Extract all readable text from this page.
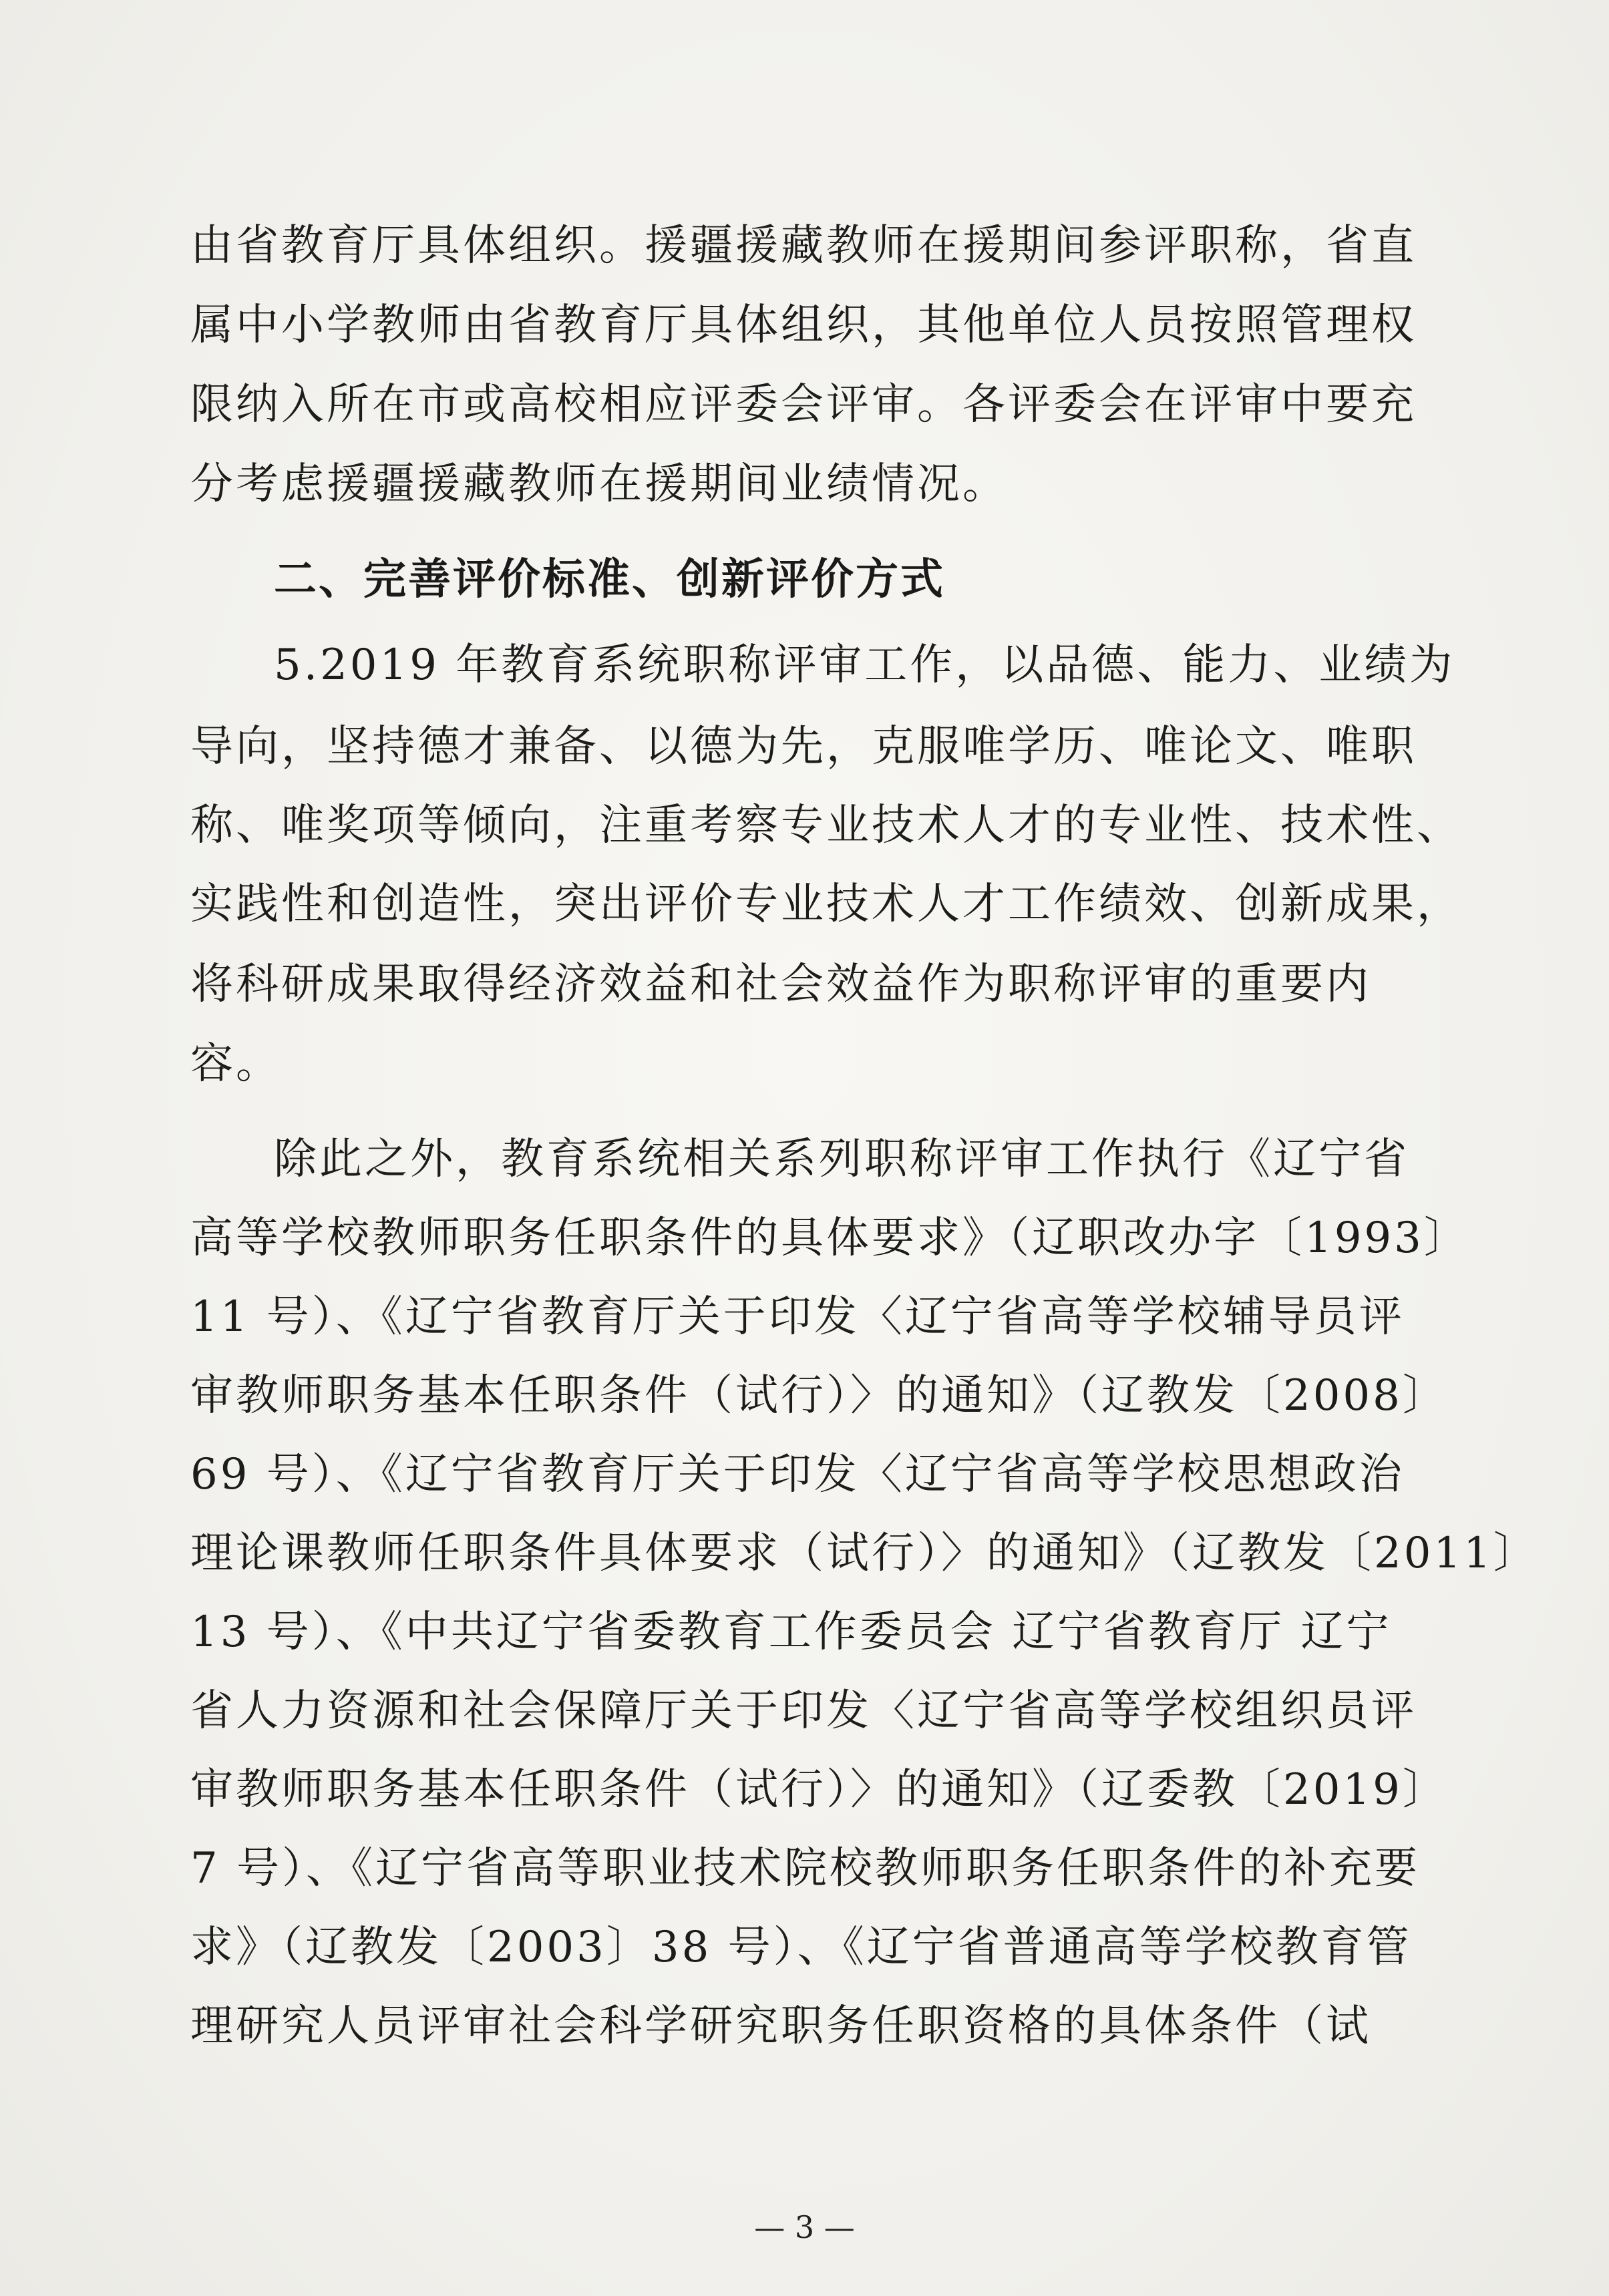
由省教育厅具体组织。援疆援藏教师在援期间参评职称，省直
属中小学教师由省教育厅具体组织，其他单位人员按照管理权
限纳入所在市或高校相应评委会评审。各评委会在评审中要充
分考虑援疆援藏教师在援期间业绩情况。
二、完善评价标准、创新评价方式
5.2019 年教育系统职称评审工作，以品德、能力、业绩为
导向，坚持德才兼备、以德为先，克服唯学历、唯论文、唯职
称、唯奖项等倾向，注重考察专业技术人才的专业性、技术性、
实践性和创造性，突出评价专业技术人才工作绩效、创新成果，
将科研成果取得经济效益和社会效益作为职称评审的重要内
容。
除此之外，教育系统相关系列职称评审工作执行《辽宁省
高等学校教师职务任职条件的具体要求》（辽职改办字〔1993〕
11 号）、《辽宁省教育厅关于印发〈辽宁省高等学校辅导员评
审教师职务基本任职条件（试行）〉的通知》（辽教发〔2008〕
69 号）、《辽宁省教育厅关于印发〈辽宁省高等学校思想政治
理论课教师任职条件具体要求（试行）〉的通知》（辽教发〔2011〕
13 号）、《中共辽宁省委教育工作委员会 辽宁省教育厅 辽宁
省人力资源和社会保障厅关于印发〈辽宁省高等学校组织员评
审教师职务基本任职条件（试行）〉的通知》（辽委教〔2019〕
7 号）、《辽宁省高等职业技术院校教师职务任职条件的补充要
求》（辽教发〔2003〕38 号）、《辽宁省普通高等学校教育管
理研究人员评审社会科学研究职务任职资格的具体条件（试
— 3 —
